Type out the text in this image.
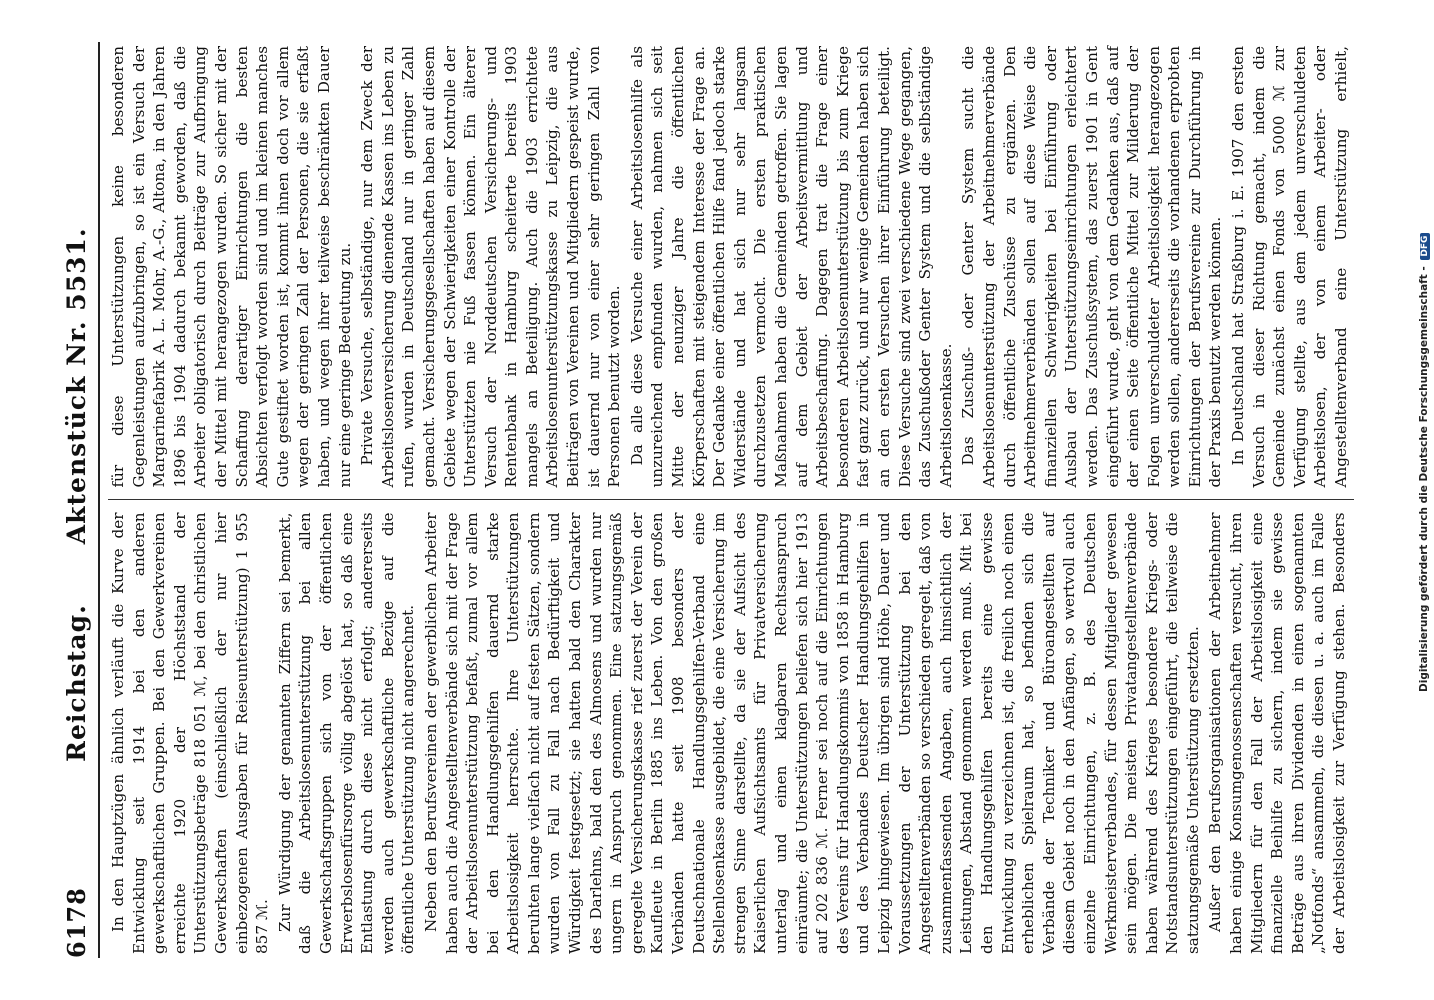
6178
Reichstag.Aktenstück Nr. 5531.

In den Hauptzügen ähnlich verläuft die Kurve der Entwicklung seit 1914 bei den anderen gewerkschaftlichen Gruppen. Bei den Gewerkvereinen erreichte 1920 der Höchststand der Unterstützungsbeträge 818 051 ℳ, bei den christlichen Gewerkschaften (einschließlich der nur hier einbezogenen Ausgaben für Reiseunterstützung) 1 955 857 ℳ. Zur Würdigung der genannten Ziffern sei bemerkt, daß die Arbeitslosenunterstützung bei allen Gewerkschaftsgruppen sich von der öffentlichen Erwerbslosenfürsorge völlig abgelöst hat, so daß eine Entlastung durch diese nicht erfolgt; andererseits werden auch gewerkschaftliche Bezüge auf die öffentliche Unterstützung nicht angerechnet. Neben den Berufsvereinen der gewerblichen Arbeiter haben auch die Angestelltenverbände sich mit der Frage der Arbeitslosenunterstützung befaßt, zumal vor allem bei den Handlungsgehilfen dauernd starke Arbeitslosigkeit herrschte. Ihre Unterstützungen beruhten lange vielfach nicht auf festen Sätzen, sondern wurden von Fall zu Fall nach Bedürftigkeit und Würdigkeit festgesetzt; sie hatten bald den Charakter des Darlehns, bald den des Almosens und wurden nur ungern in Anspruch genommen. Eine satzungsgemäß geregelte Versicherungskasse rief zuerst der Verein der Kaufleute in Berlin 1885 ins Leben. Von den großen Verbänden hatte seit 1908 besonders der Deutschnationale Handlungsgehilfen-Verband eine Stellenlosenkasse ausgebildet, die eine Versicherung im strengen Sinne darstellte, da sie der Aufsicht des Kaiserlichen Aufsichtsamts für Privatversicherung unterlag und einen klagbaren Rechtsanspruch einräumte; die Unterstützungen beliefen sich hier 1913 auf 202 836 ℳ. Ferner sei noch auf die Einrichtungen des Vereins für Handlungskommis von 1858 in Hamburg und des Verbandes Deutscher Handlungsgehilfen in Leipzig hingewiesen. Im übrigen sind Höhe, Dauer und Voraussetzungen der Unterstützung bei den Angestelltenverbänden so verschieden geregelt, daß von zusammenfassenden Angaben, auch hinsichtlich der Leistungen, Abstand genommen werden muß. Mit bei den Handlungsgehilfen bereits eine gewisse Entwicklung zu verzeichnen ist, die freilich noch einen erheblichen Spielraum hat, so befinden sich die Verbände der Techniker und Büroangestellten auf diesem Gebiet noch in den Anfängen, so wertvoll auch einzelne Einrichtungen, z. B. des Deutschen Werkmeisterverbandes, für dessen Mitglieder gewesen sein mögen. Die meisten Privatangestelltenverbände haben während des Krieges besondere Kriegs- oder Notstandsunterstützungen eingeführt, die teilweise die satzungsgemäße Unterstützung ersetzten. Außer den Berufsorganisationen der Arbeitnehmer haben einige Konsumgenossenschaften versucht, ihren Mitgliedern für den Fall der Arbeitslosigkeit eine finanzielle Beihilfe zu sichern, indem sie gewisse Beträge aus ihren Dividenden in einen sogenannten „Notfonds“ ansammeln, die diesen u. a. auch im Falle der Arbeitslosigkeit zur Verfügung stehen. Besonders hervorzuheben ist eine derartige Einrichtung des

für diese Unterstützungen keine besonderen Gegenleistungen aufzubringen, so ist ein Versuch der Margarinefabrik A. L. Mohr, A.-G., Altona, in den Jahren 1896 bis 1904 dadurch bekannt geworden, daß die Arbeiter obligatorisch durch Beiträge zur Aufbringung der Mittel mit herangezogen wurden. So sicher mit der Schaffung derartiger Einrichtungen die besten Absichten verfolgt worden sind und im kleinen manches Gute gestiftet worden ist, kommt ihnen doch vor allem wegen der geringen Zahl der Personen, die sie erfaßt haben, und wegen ihrer teilweise beschränkten Dauer nur eine geringe Bedeutung zu. Private Versuche, selbständige, nur dem Zweck der Arbeitslosenversicherung dienende Kassen ins Leben zu rufen, wurden in Deutschland nur in geringer Zahl gemacht. Versicherungsgesellschaften haben auf diesem Gebiete wegen der Schwierigkeiten einer Kontrolle der Unterstützten nie Fuß fassen können. Ein älterer Versuch der Norddeutschen Versicherungs- und Rentenbank in Hamburg scheiterte bereits 1903 mangels an Beteiligung. Auch die 1903 errichtete Arbeitslosenunterstützungskasse zu Leipzig, die aus Beiträgen von Vereinen und Mitgliedern gespeist wurde, ist dauernd nur von einer sehr geringen Zahl von Personen benutzt worden. Da alle diese Versuche einer Arbeitslosenhilfe als unzureichend empfunden wurden, nahmen sich seit Mitte der neunziger Jahre die öffentlichen Körperschaften mit steigendem Interesse der Frage an. Der Gedanke einer öffentlichen Hilfe fand jedoch starke Widerstände und hat sich nur sehr langsam durchzusetzen vermocht. Die ersten praktischen Maßnahmen haben die Gemeinden getroffen. Sie lagen auf dem Gebiet der Arbeitsvermittlung und Arbeitsbeschaffung. Dagegen trat die Frage einer besonderen Arbeitslosenunterstützung bis zum Kriege fast ganz zurück, und nur wenige Gemeinden haben sich an den ersten Versuchen ihrer Einführung beteiligt. Diese Versuche sind zwei verschiedene Wege gegangen, das Zuschußoder Genter System und die selbständige Arbeitslosenkasse. Das Zuschuß- oder Genter System sucht die Arbeitslosenunterstützung der Arbeitnehmerverbände durch öffentliche Zuschüsse zu ergänzen. Den Arbeitnehmerverbänden sollen auf diese Weise die finanziellen Schwierigkeiten bei Einführung oder Ausbau der Unterstützungseinrichtungen erleichtert werden. Das Zuschußsystem, das zuerst 1901 in Gent eingeführt wurde, geht von dem Gedanken aus, daß auf der einen Seite öffentliche Mittel zur Milderung der Folgen unverschuldeter Arbeitslosigkeit herangezogen werden sollen, andererseits die vorhandenen erprobten Einrichtungen der Berufsvereine zur Durchführung in der Praxis benutzt werden können. In Deutschland hat Straßburg i. E. 1907 den ersten Versuch in dieser Richtung gemacht, indem die Gemeinde zunächst einen Fonds von 5000 ℳ zur Verfügung stellte, aus dem jedem unverschuldeten Arbeitslosen, der von einem Arbeiter- oder Angestelltenverband eine Unterstützung erhielt,

Digitalisierung gefördert durch die Deutsche Forschungsgemeinschaft - DFG
